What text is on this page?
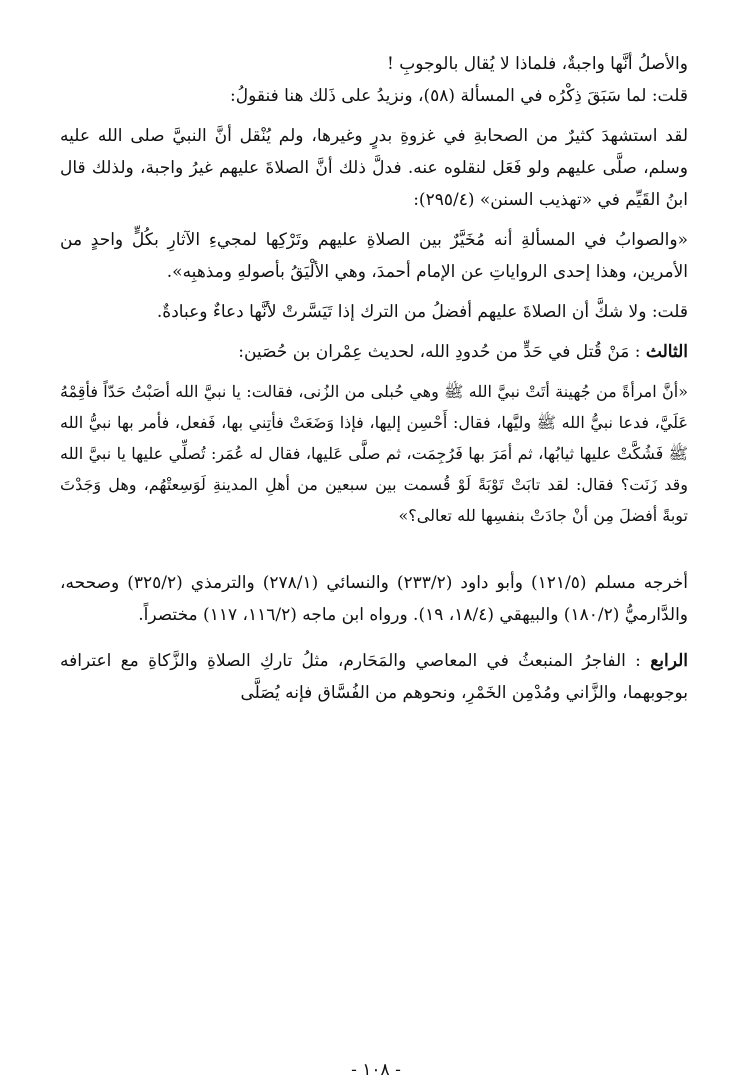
والأصلُ أنَّها واجبةٌ، فلماذا لا يُقال بالوجوبِ !

قلت: لما سَبَقَ ذِكْرُه في المسألة (٥٨)، ونزيدُ على ذَلك هنا فنقولُ:

لقد استشهدَ كثيرٌ من الصحابةِ في غزوةِ بدرٍ وغيرها، ولم يُنْقل أنَّ النبيَّ صلى الله عليه وسلم، صلَّى عليهم ولو فَعَل لنقلوه عنه. فدلَّ ذلك أنَّ الصلاةَ عليهم غيرُ واجبة، ولذلك قال ابنُ القَيِّم في «تهذيب السنن» (٢٩٥/٤):

«والصوابُ في المسألةِ أنه مُخَيَّرٌ بين الصلاةِ عليهم وتَرْكِها لمجيءِ الآثارِ بكُلٍّ واحدٍ من الأمرين، وهذا إحدى الرواياتِ عن الإمام أحمدَ، وهي الألْيَقُ بأصولهِ ومذهبِه».

قلت: ولا شكَّ أن الصلاةَ عليهم أفضلُ من الترك إذا تَيَسَّرتْ لأنَّها دعاءٌ وعبادةٌ.

الثالث : مَنْ قُتل في حَدٍّ من حُدودِ الله، لحديث عِمْران بن حُصَين:

«أنَّ امرأةً من جُهينة أتَتْ نبيَّ الله ﷺ وهي حُبلى من الزُنى، فقالت: يا نبيَّ الله أصَبْتُ حَدّاً فأقِمْهُ عَلَيَّ، فدعا نبيُّ الله ﷺ وليَّها، فقال: أَحْسِن إليها، فإذا وَضَعَتْ فأتِني بها، فَفعل، فأمر بها نبيُّ الله ﷺ فَشُكَّتْ عليها ثيابُها، ثم أمَرَ بها فَرُجِمَت، ثم صلَّى عَليها، فقال له عُمَر: تُصلِّي عليها يا نبيَّ الله وقد زَنَت؟ فقال: لقد تابَتْ تَوْبَةً لَوْ قُسمت بين سبعين من أهلِ المدينةِ لَوَسِعتْهُم، وهل وَجَدْتَ توبةً أفضلَ مِن أنْ جادَتْ بنفسِها لله تعالى؟»

أخرجه مسلم (١٢١/٥) وأبو داود (٢٣٣/٢) والنسائي (٢٧٨/١) والترمذي (٣٢٥/٢) وصححه، والدَّارميُّ (١٨٠/٢) والبيهقي (١٨/٤، ١٩). ورواه ابن ماجه (١١٦/٢، ١١٧) مختصراً.

الرابع : الفاجرُ المنبعثُ في المعاصي والمَحَارم، مثلُ تاركِ الصلاةِ والزَّكاةِ مع اعترافه بوجوبهما، والزَّاني ومُدْمِن الخَمْرِ، ونحوهم من الفُسَّاق فإنه يُصَلَّى

- ١٠٨ -
